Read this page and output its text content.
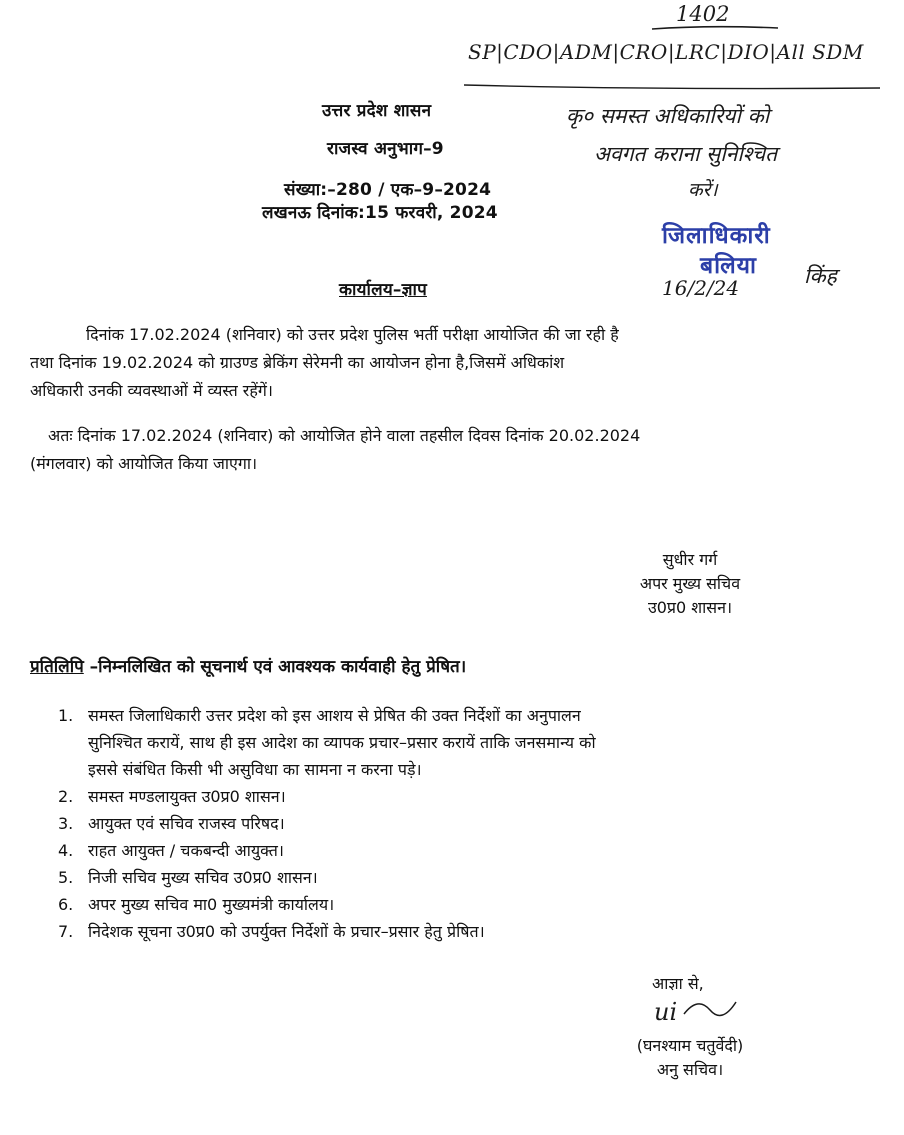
1402
SP|CDO|ADM|CRO|LRC|DIO|All SDM
कृ० समस्त अधिकारियों को
अवगत कराना सुनिश्चित
करें।
जिलाधिकारी
बलिया
16/2/24	किंह
उत्तर प्रदेश शासन
राजस्व अनुभाग–9
संख्या:–280 / एक–9–2024
लखनऊ दिनांक:15 फरवरी, 2024
कार्यालय–ज्ञाप
दिनांक 17.02.2024 (शनिवार) को उत्तर प्रदेश पुलिस भर्ती परीक्षा आयोजित की जा रही है
तथा दिनांक 19.02.2024 को ग्राउण्ड ब्रेकिंग सेरेमनी का आयोजन होना है,जिसमें अधिकांश
अधिकारी उनकी व्यवस्थाओं में व्यस्त रहेंगें।
अतः दिनांक 17.02.2024 (शनिवार) को आयोजित होने वाला तहसील दिवस दिनांक 20.02.2024
(मंगलवार) को आयोजित किया जाएगा।
सुधीर गर्ग
अपर मुख्य सचिव
उ0प्र0 शासन।
प्रतिलिपि –निम्नलिखित को सूचनार्थ एवं आवश्यक कार्यवाही हेतु प्रेषित।
1. समस्त जिलाधिकारी उत्तर प्रदेश को इस आशय से प्रेषित की उक्त निर्देशों का अनुपालन
सुनिश्चित करायें, साथ ही इस आदेश का व्यापक प्रचार–प्रसार करायें ताकि जनसमान्य को
इससे संबंधित किसी भी असुविधा का सामना न करना पड़े।
2. समस्त मण्डलायुक्त उ0प्र0 शासन।
3. आयुक्त एवं सचिव राजस्व परिषद।
4. राहत आयुक्त / चकबन्दी आयुक्त।
5. निजी सचिव मुख्य सचिव उ0प्र0 शासन।
6. अपर मुख्य सचिव मा0 मुख्यमंत्री कार्यालय।
7. निदेशक सूचना उ0प्र0 को उपर्युक्त निर्देशों के प्रचार–प्रसार हेतु प्रेषित।
आज्ञा से,
ui
(घनश्याम चतुर्वेदी)
अनु सचिव।
